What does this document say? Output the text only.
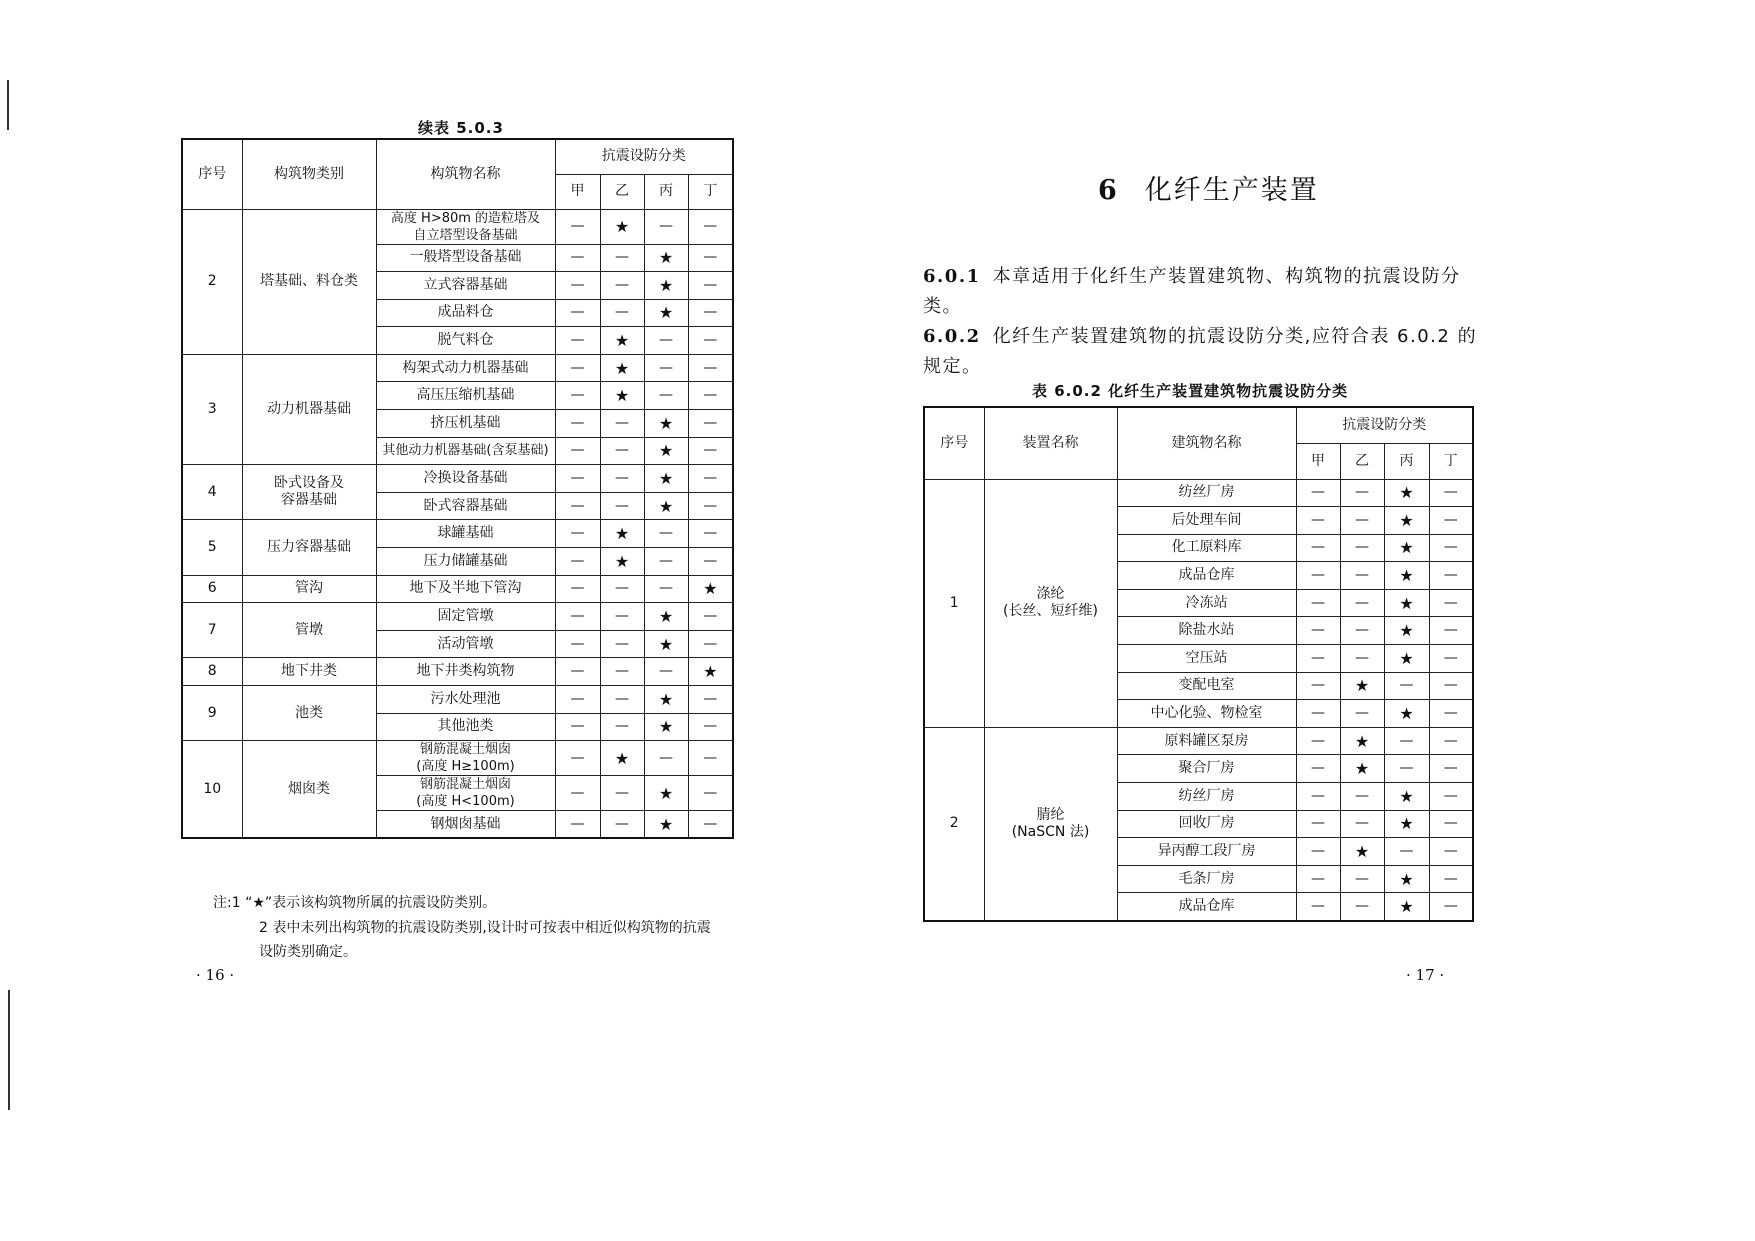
续表 5.0.3
序号	构筑物类别	构筑物名称	抗震设防分类			
			甲	乙	丙	丁
2	塔基础、料仓类	高度 H>80m 的造粒塔及
自立塔型设备基础	—	★	—	—
		一般塔型设备基础	—	—	★	—
		立式容器基础	—	—	★	—
		成品料仓	—	—	★	—
		脱气料仓	—	★	—	—
3	动力机器基础	构架式动力机器基础	—	★	—	—
		高压压缩机基础	—	★	—	—
		挤压机基础	—	—	★	—
		其他动力机器基础(含泵基础)	—	—	★	—
4	卧式设备及
容器基础	冷换设备基础	—	—	★	—
		卧式容器基础	—	—	★	—
5	压力容器基础	球罐基础	—	★	—	—
		压力储罐基础	—	★	—	—
6	管沟	地下及半地下管沟	—	—	—	★
7	管墩	固定管墩	—	—	★	—
		活动管墩	—	—	★	—
8	地下井类	地下井类构筑物	—	—	—	★
9	池类	污水处理池	—	—	★	—
		其他池类	—	—	★	—
10	烟囱类	钢筋混凝土烟囱
(高度 H≥100m)	—	★	—	—
		钢筋混凝土烟囱
(高度 H<100m)	—	—	★	—
		钢烟囱基础	—	—	★	—
注:1 “★”表示该构筑物所属的抗震设防类别。
2 表中未列出构筑物的抗震设防类别,设计时可按表中相近似构筑物的抗震
设防类别确定。
· 16 ·
6 化纤生产装置
6.0.1 本章适用于化纤生产装置建筑物、构筑物的抗震设防分
类。
6.0.2 化纤生产装置建筑物的抗震设防分类,应符合表 6.0.2 的
规定。
表 6.0.2 化纤生产装置建筑物抗震设防分类
序号	装置名称	建筑物名称	抗震设防分类			
			甲	乙	丙	丁
1	涤纶
(长丝、短纤维)	纺丝厂房	—	—	★	—
		后处理车间	—	—	★	—
		化工原料库	—	—	★	—
		成品仓库	—	—	★	—
		冷冻站	—	—	★	—
		除盐水站	—	—	★	—
		空压站	—	—	★	—
		变配电室	—	★	—	—
		中心化验、物检室	—	—	★	—
2	腈纶
(NaSCN 法)	原料罐区泵房	—	★	—	—
		聚合厂房	—	★	—	—
		纺丝厂房	—	—	★	—
		回收厂房	—	—	★	—
		异丙醇工段厂房	—	★	—	—
		毛条厂房	—	—	★	—
		成品仓库	—	—	★	—
· 17 ·
